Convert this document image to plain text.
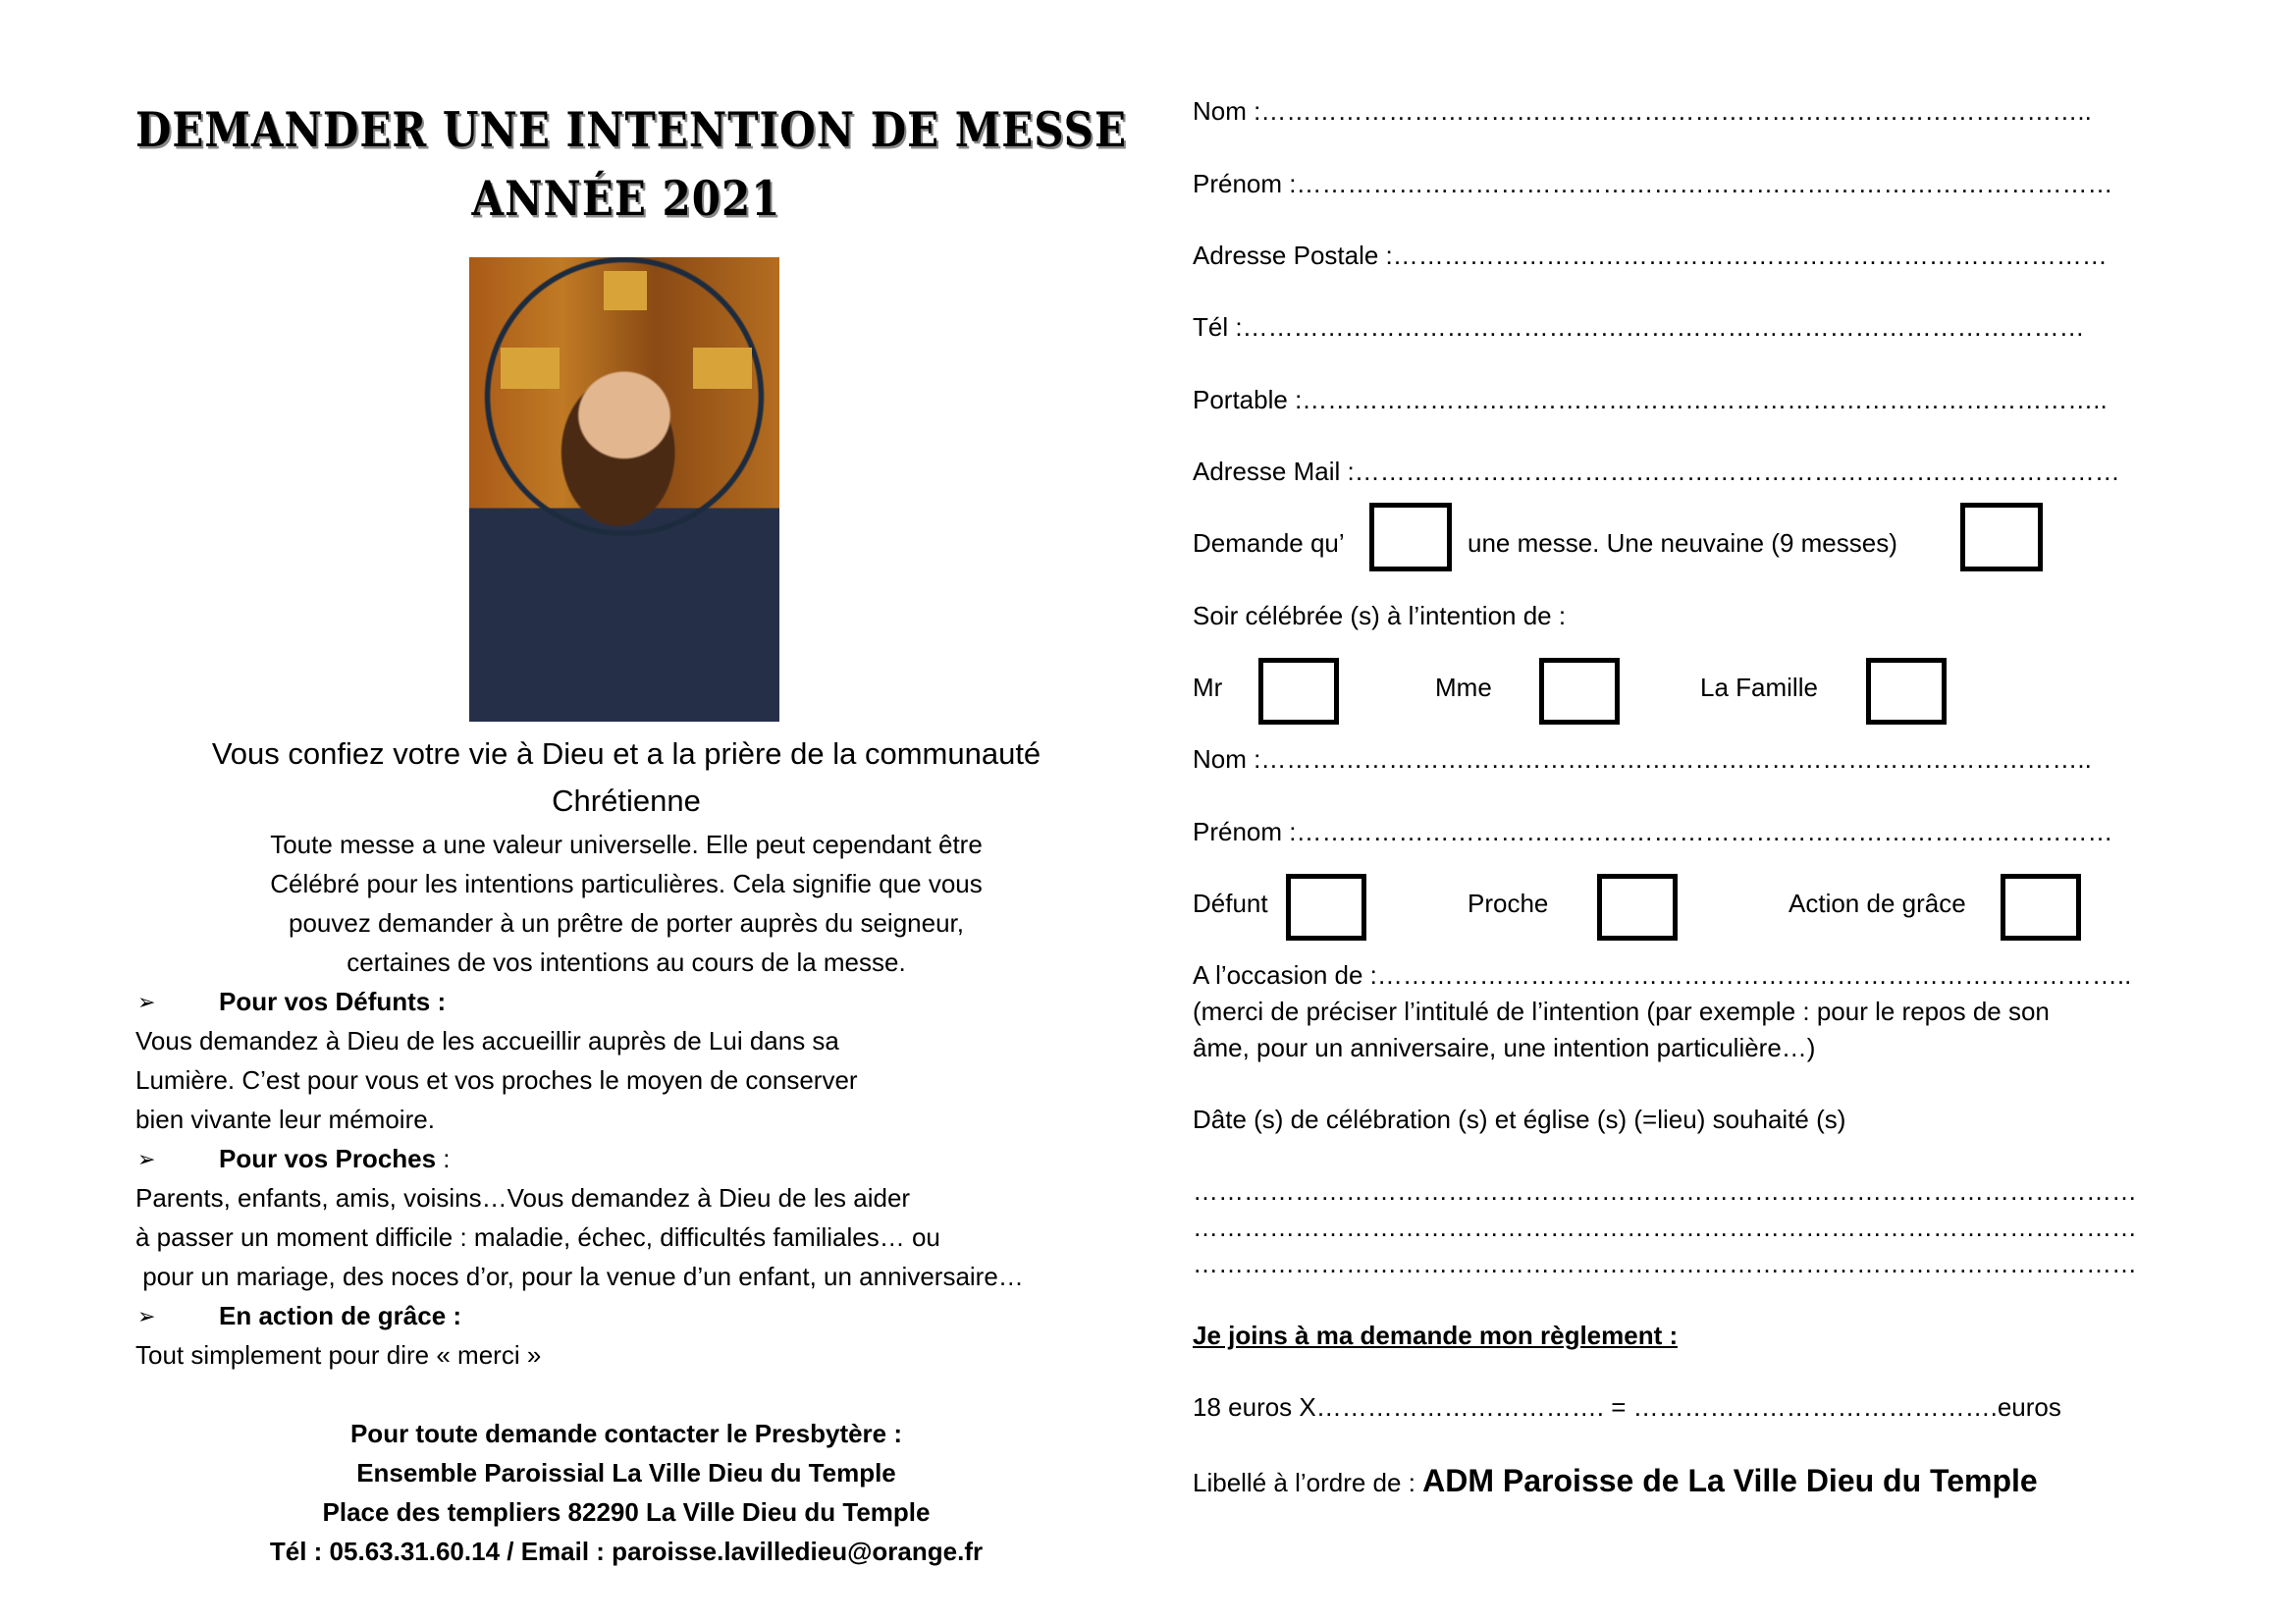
DEMANDER UNE INTENTION DE MESSE
ANNÉE 2021
Vous confiez votre vie à Dieu et a la prière de la communauté
Chrétienne
Toute messe a une valeur universelle. Elle peut cependant être
Célébré pour les intentions particulières. Cela signifie que vous
pouvez demander à un prêtre de porter auprès du seigneur,
certaines de vos intentions au cours de la messe.
➢ Pour vos Défunts :
Vous demandez à Dieu de les accueillir auprès de Lui dans sa
Lumière. C’est pour vous et vos proches le moyen de conserver
bien vivante leur mémoire.
➢ Pour vos Proches :
Parents, enfants, amis, voisins…Vous demandez à Dieu de les aider
à passer un moment difficile : maladie, échec, difficultés familiales… ou
pour un mariage, des noces d’or, pour la venue d’un enfant, un anniversaire…
➢ En action de grâce :
Tout simplement pour dire « merci »
Pour toute demande contacter le Presbytère :
Ensemble Paroissial La Ville Dieu du Temple
Place des templiers 82290 La Ville Dieu du Temple
Tél : 05.63.31.60.14 / Email : paroisse.lavilledieu@orange.fr
Nom :……………………………………………………………………………………..
Prénom :……………………………………………………………………………………
Adresse Postale :…………………………………………………………………………
Tél :………………………………………………………………………………………
Portable :…………………………………………………………………………………..
Adresse Mail :………………………………………………………………………………
Demande qu’	une messe. Une neuvaine (9 messes)
Soir célébrée (s) à l’intention de :
Mr	Mme	La Famille
Nom :……………………………………………………………………………………..
Prénom :……………………………………………………………………………………
Défunt	Proche	Action de grâce
A l’occasion de :……………………………………………………………………………..
(merci de préciser l’intitulé de l’intention (par exemple : pour le repos de son
âme, pour un anniversaire, une intention particulière…)
Dâte (s) de célébration (s) et église (s) (=lieu) souhaité (s)
…………………………………………………………………………………………………
…………………………………………………………………………………………………
…………………………………………………………………………………………………
Je joins à ma demande mon règlement :
18 euros X……………………………. = …………………………………….euros
Libellé à l’ordre de : ADM Paroisse de La Ville Dieu du Temple
